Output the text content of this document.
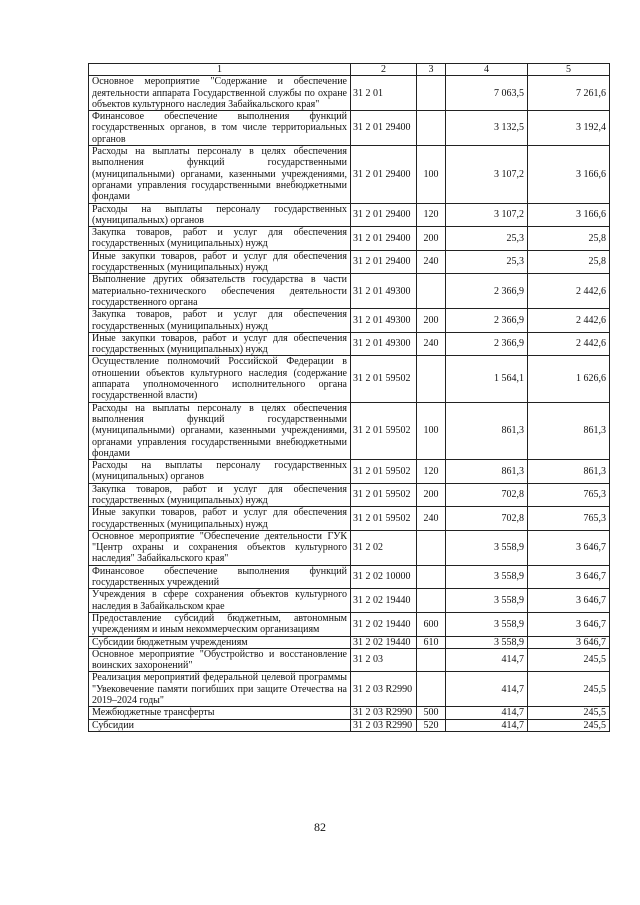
1	2	3	4	5
Основное мероприятие "Содержание и обеспечение деятельности аппарата Государственной службы по охране объектов культурного наследия Забайкальского края"	31 2 01		7 063,5	7 261,6
Финансовое обеспечение выполнения функций государственных органов, в том числе территориальных органов	31 2 01 29400		3 132,5	3 192,4
Расходы на выплаты персоналу в целях обеспечения выполнения функций государственными (муниципальными) органами, казенными учреждениями, органами управления государственными внебюджетными фондами	31 2 01 29400	100	3 107,2	3 166,6
Расходы на выплаты персоналу государственных (муниципальных) органов	31 2 01 29400	120	3 107,2	3 166,6
Закупка товаров, работ и услуг для обеспечения государственных (муниципальных) нужд	31 2 01 29400	200	25,3	25,8
Иные закупки товаров, работ и услуг для обеспечения государственных (муниципальных) нужд	31 2 01 29400	240	25,3	25,8
Выполнение других обязательств государства в части материально-технического обеспечения деятельности государственного органа	31 2 01 49300		2 366,9	2 442,6
Закупка товаров, работ и услуг для обеспечения государственных (муниципальных) нужд	31 2 01 49300	200	2 366,9	2 442,6
Иные закупки товаров, работ и услуг для обеспечения государственных (муниципальных) нужд	31 2 01 49300	240	2 366,9	2 442,6
Осуществление полномочий Российской Федерации в отношении объектов культурного наследия (содержание аппарата уполномоченного исполнительного органа государственной власти)	31 2 01 59502		1 564,1	1 626,6
Расходы на выплаты персоналу в целях обеспечения выполнения функций государственными (муниципальными) органами, казенными учреждениями, органами управления государственными внебюджетными фондами	31 2 01 59502	100	861,3	861,3
Расходы на выплаты персоналу государственных (муниципальных) органов	31 2 01 59502	120	861,3	861,3
Закупка товаров, работ и услуг для обеспечения государственных (муниципальных) нужд	31 2 01 59502	200	702,8	765,3
Иные закупки товаров, работ и услуг для обеспечения государственных (муниципальных) нужд	31 2 01 59502	240	702,8	765,3
Основное мероприятие "Обеспечение деятельности ГУК "Центр охраны и сохранения объектов культурного наследия" Забайкальского края"	31 2 02		3 558,9	3 646,7
Финансовое обеспечение выполнения функций государственных учреждений	31 2 02 10000		3 558,9	3 646,7
Учреждения в сфере сохранения объектов культурного наследия в Забайкальском крае	31 2 02 19440		3 558,9	3 646,7
Предоставление субсидий бюджетным, автономным учреждениям и иным некоммерческим организациям	31 2 02 19440	600	3 558,9	3 646,7
Субсидии бюджетным учреждениям	31 2 02 19440	610	3 558,9	3 646,7
Основное мероприятие "Обустройство и восстановление воинских захоронений"	31 2 03		414,7	245,5
Реализация мероприятий федеральной целевой программы "Увековечение памяти погибших при защите Отечества на 2019–2024 годы"	31 2 03 R2990		414,7	245,5
Межбюджетные трансферты	31 2 03 R2990	500	414,7	245,5
Субсидии	31 2 03 R2990	520	414,7	245,5
82
